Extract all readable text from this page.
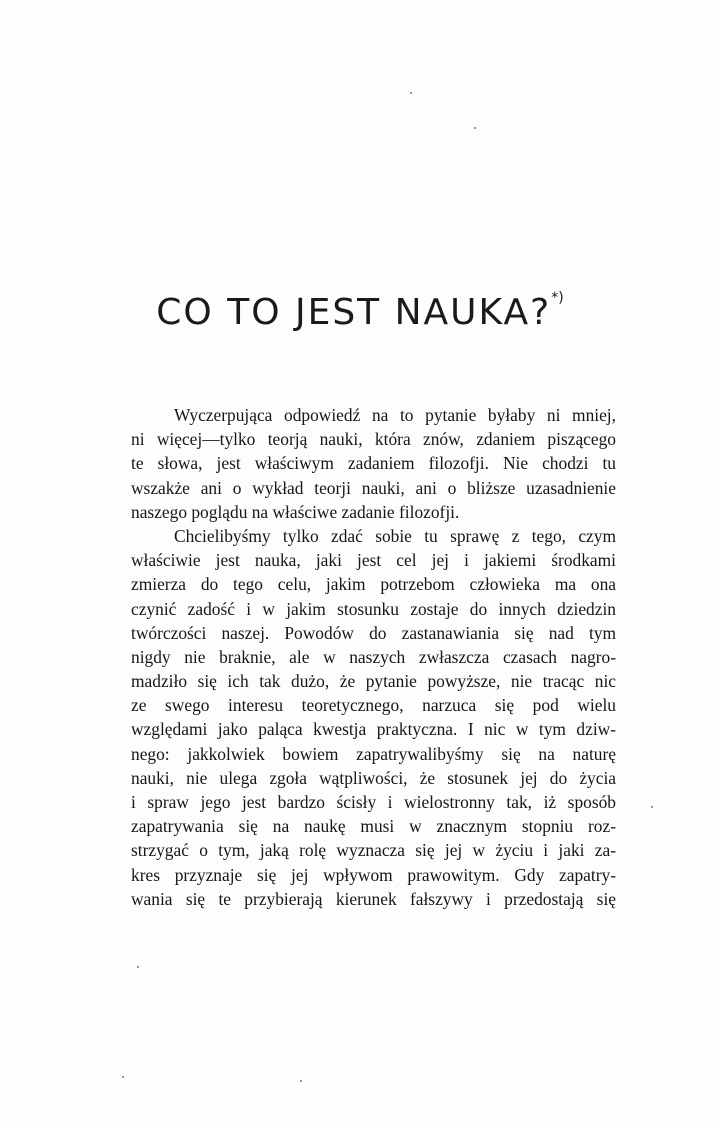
CO TO JEST NAUKA?*)
Wyczerpująca odpowiedź na to pytanie byłaby ni mniej,
ni więcej—tylko teorją nauki, która znów, zdaniem piszącego
te słowa, jest właściwym zadaniem filozofji. Nie chodzi tu
wszakże ani o wykład teorji nauki, ani o bliższe uzasadnienie
naszego poglądu na właściwe zadanie filozofji.
Chcielibyśmy tylko zdać sobie tu sprawę z tego, czym
właściwie jest nauka, jaki jest cel jej i jakiemi środkami
zmierza do tego celu, jakim potrzebom człowieka ma ona
czynić zadość i w jakim stosunku zostaje do innych dziedzin
twórczości naszej. Powodów do zastanawiania się nad tym
nigdy nie braknie, ale w naszych zwłaszcza czasach nagro-
madziło się ich tak dużo, że pytanie powyższe, nie tracąc nic
ze swego interesu teoretycznego, narzuca się pod wielu
względami jako paląca kwestja praktyczna. I nic w tym dziw-
nego: jakkolwiek bowiem zapatrywalibyśmy się na naturę
nauki, nie ulega zgoła wątpliwości, że stosunek jej do życia
i spraw jego jest bardzo ścisły i wielostronny tak, iż sposób
zapatrywania się na naukę musi w znacznym stopniu roz-
strzygać o tym, jaką rolę wyznacza się jej w życiu i jaki za-
kres przyznaje się jej wpływom prawowitym. Gdy zapatry-
wania się te przybierają kierunek fałszywy i przedostają się
